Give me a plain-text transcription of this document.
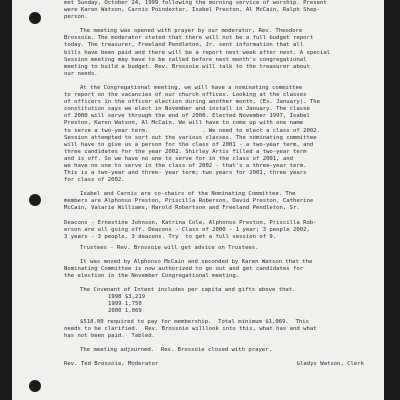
met Sunday, October 24, 1999 following the morning service of worship. Present
were Karen Watson, Carnis Poindextar, Isabel Preston, Al McCain, Ralph Shep-
person.
The meeting was opened with prayer by our moderator, Rev. Theodore
Brossoie. The moderator stated that there will not be a full budget report
today. The treasurer, Freeland Pendleton, Jr. sent information that all
bills have been paid and there will be a report next week after next. A special
Session meeting may have to be called before next month's congregational
meeting to build a budget. Rev. Brossoie will talk to the treasurer about
our needs.
At the Congregational meeting, we will have a nominating committee
to report on the vacancies of our church offices. Looking at the classes
of officers in the officer election during another month, (Ex. January). The
constitution says we elect in November and install in January. The classe
of 2000 will serve through the end of 2000. Elected November 1997, Isabel
Preston, Karen Watson, Al McCain. We will have to come up with one name
to serve a two-year term.                . We need to elect a class of 2002.
Session attempted to sort out the various classes. The nominating committee
will have to give us a person for the class of 2001 - a two-year term, and
three candidates for the year 2002. Shirley Artis filled a two-year term
and is off. So we have no one to serve for in the class of 2001, and
we have no one to serve in the class of 2002 - that's a three-year term.
This is a two-year and three- year term; two years for 2001, three years
for class of 2002.
Isabel and Carnis are co-chairs of the Nominating Committee. The
members are Alphonso Preston, Priscilla Roberson, David Preston, Catherine
McCain, Valarie Williams, Harold Robertson and Freeland Pendleton, Sr.
Deacons - Ernestine Johnson, Katrina Cole, Alphonso Preston, Priscilla Rob-
erson are all going off. Deacons - Class of 2000 - 1 year; 3 people 2002,
3 years - 3 people, 3 deacons. Try  to get a full session of 9.
Trustees - Rev. Brossoie will get advice on Trustees.
It was moved by Alphonso McCain and seconded by Karen Watson that the
Nominating Committee is now authorized to go out and get candidates for
the election in the November Congregational meeting.
The Covenant of Intent includes per capita and gifts above that.
1998 $3,219
1999 1,750
2000 1,069
$518.00 required to pay for membership.  Total minimum $1,069.  This
needs to be clarified.  Rev. Brossoie willlook into this, what has and what
has not been paid.  Tabled.
The meeting adjourned.  Rev. Brossoie closed with prayer.
Rev. Ted Brossoie, Moderator	Gladys Watson, Clerk
